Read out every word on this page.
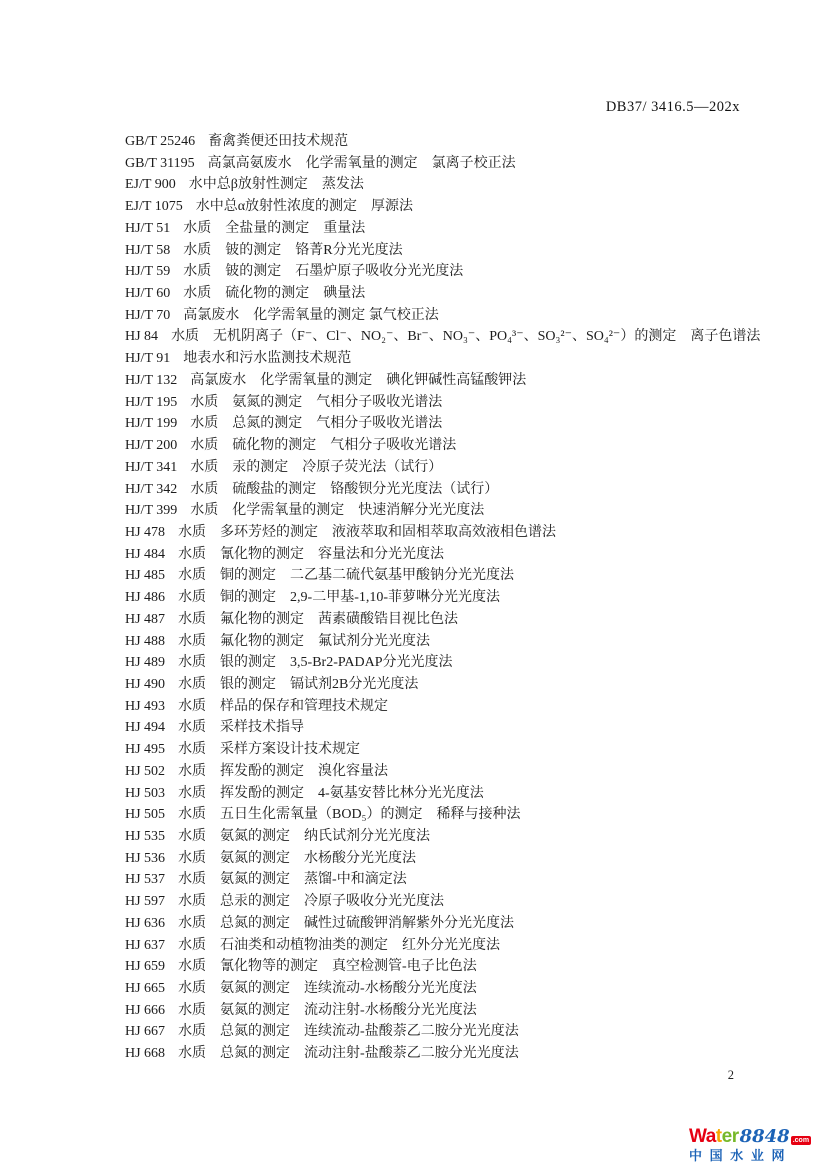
DB37/ 3416.5—202x
GB/T 25246 畜禽粪便还田技术规范
GB/T 31195 高氯高氨废水　化学需氧量的测定　氯离子校正法
EJ/T 900 水中总β放射性测定　蒸发法
EJ/T 1075 水中总α放射性浓度的测定　厚源法
HJ/T 51 水质　全盐量的测定　重量法
HJ/T 58 水质　铍的测定　铬菁R分光光度法
HJ/T 59 水质　铍的测定　石墨炉原子吸收分光光度法
HJ/T 60 水质　硫化物的测定　碘量法
HJ/T 70 高氯废水　化学需氧量的测定 氯气校正法
HJ 84 水质　无机阴离子（F⁻、Cl⁻、NO₂⁻、Br⁻、NO₃⁻、PO₄³⁻、SO₃²⁻、SO₄²⁻）的测定　离子色谱法
HJ/T 91 地表水和污水监测技术规范
HJ/T 132 高氯废水　化学需氧量的测定　碘化钾碱性高锰酸钾法
HJ/T 195 水质　氨氮的测定　气相分子吸收光谱法
HJ/T 199 水质　总氮的测定　气相分子吸收光谱法
HJ/T 200 水质　硫化物的测定　气相分子吸收光谱法
HJ/T 341 水质　汞的测定　冷原子荧光法（试行）
HJ/T 342 水质　硫酸盐的测定　铬酸钡分光光度法（试行）
HJ/T 399 水质　化学需氧量的测定　快速消解分光光度法
HJ 478 水质　多环芳烃的测定　液液萃取和固相萃取高效液相色谱法
HJ 484 水质　氰化物的测定　容量法和分光光度法
HJ 485 水质　铜的测定　二乙基二硫代氨基甲酸钠分光光度法
HJ 486 水质　铜的测定　2,9-二甲基-1,10-菲萝啉分光光度法
HJ 487 水质　氟化物的测定　茜素磺酸锆目视比色法
HJ 488 水质　氟化物的测定　氟试剂分光光度法
HJ 489 水质　银的测定　3,5-Br2-PADAP分光光度法
HJ 490 水质　银的测定　镉试剂2B分光光度法
HJ 493 水质　样品的保存和管理技术规定
HJ 494 水质　采样技术指导
HJ 495 水质　采样方案设计技术规定
HJ 502 水质　挥发酚的测定　溴化容量法
HJ 503 水质　挥发酚的测定　4-氨基安替比林分光光度法
HJ 505 水质　五日生化需氧量（BOD₅）的测定　稀释与接种法
HJ 535 水质　氨氮的测定　纳氏试剂分光光度法
HJ 536 水质　氨氮的测定　水杨酸分光光度法
HJ 537 水质　氨氮的测定　蒸馏-中和滴定法
HJ 597 水质　总汞的测定　冷原子吸收分光光度法
HJ 636 水质　总氮的测定　碱性过硫酸钾消解紫外分光光度法
HJ 637 水质　石油类和动植物油类的测定　红外分光光度法
HJ 659 水质　氰化物等的测定　真空检测管-电子比色法
HJ 665 水质　氨氮的测定　连续流动-水杨酸分光光度法
HJ 666 水质　氨氮的测定　流动注射-水杨酸分光光度法
HJ 667 水质　总氮的测定　连续流动-盐酸萘乙二胺分光光度法
HJ 668 水质　总氮的测定　流动注射-盐酸萘乙二胺分光光度法
2
Water 8848 .com
中 国 水 业 网
